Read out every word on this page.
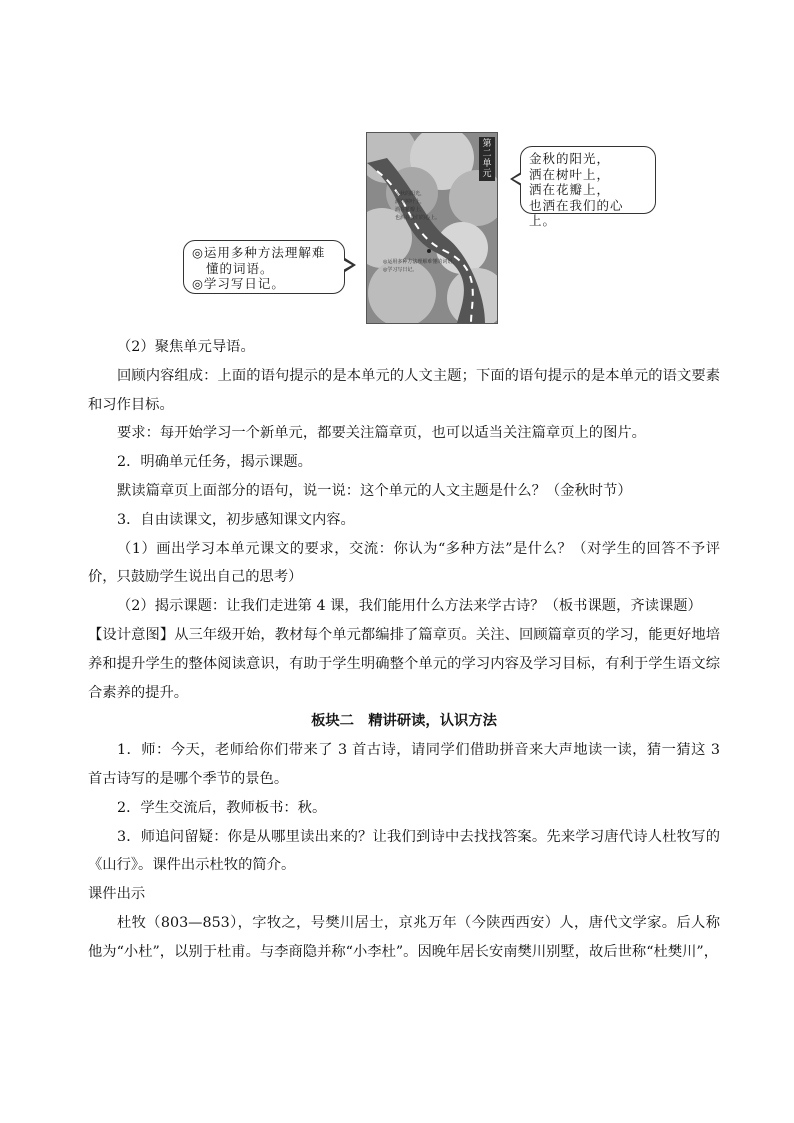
金秋的阳光，
洒在树叶上，
洒在花瓣上，
也洒在我们的心上。
◎运用多种方法理解难懂的词语。
◎学习写日记。
第二单元
金秋的阳光，
洒在树叶上，
洒在花瓣上，
也洒在我们的心上。
◎运用多种方法理解难
懂的词语。
◎学习写日记。

（2）聚焦单元导语。

回顾内容组成：上面的语句提示的是本单元的人文主题；下面的语句提示的是本单元的语文要素和习作目标。

要求：每开始学习一个新单元，都要关注篇章页，也可以适当关注篇章页上的图片。

2．明确单元任务，揭示课题。

默读篇章页上面部分的语句，说一说：这个单元的人文主题是什么？（金秋时节）

3．自由读课文，初步感知课文内容。

（1）画出学习本单元课文的要求，交流：你认为“多种方法”是什么？（对学生的回答不予评价，只鼓励学生说出自己的思考）

（2）揭示课题：让我们走进第 4 课，我们能用什么方法来学古诗？（板书课题，齐读课题）

【设计意图】从三年级开始，教材每个单元都编排了篇章页。关注、回顾篇章页的学习，能更好地培养和提升学生的整体阅读意识，有助于学生明确整个单元的学习内容及学习目标，有利于学生语文综合素养的提升。

板块二　精讲研读，认识方法

1．师：今天，老师给你们带来了 3 首古诗，请同学们借助拼音来大声地读一读，猜一猜这 3 首古诗写的是哪个季节的景色。

2．学生交流后，教师板书：秋。

3．师追问留疑：你是从哪里读出来的？让我们到诗中去找找答案。先来学习唐代诗人杜牧写的《山行》。课件出示杜牧的简介。

课件出示

杜牧（803—853），字牧之，号樊川居士，京兆万年（今陕西西安）人，唐代文学家。后人称他为“小杜”，以别于杜甫。与李商隐并称“小李杜”。因晚年居长安南樊川别墅，故后世称“杜樊川”，
